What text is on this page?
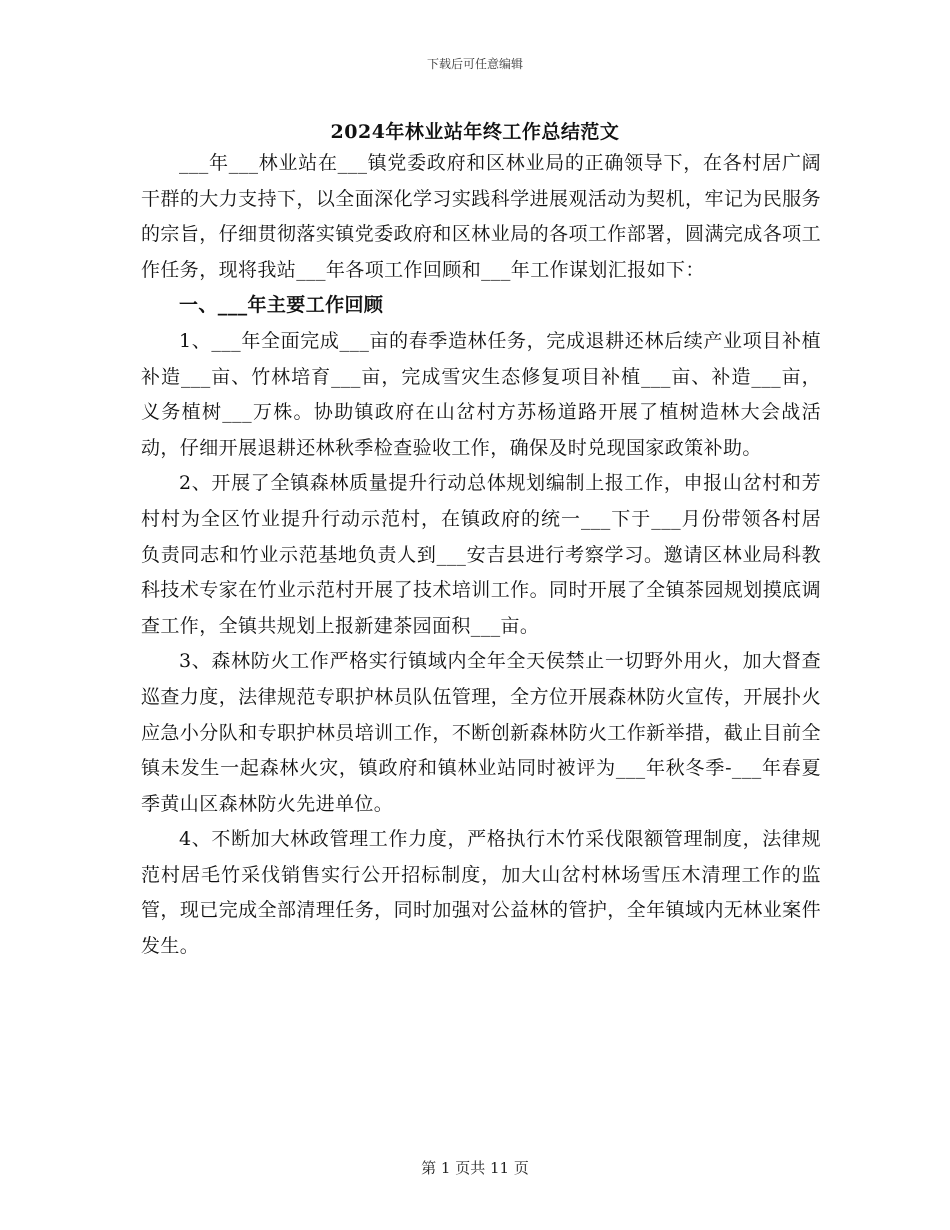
下载后可任意编辑
2024年林业站年终工作总结范文

___年___林业站在___镇党委政府和区林业局的正确领导下，在各村居广阔干群的大力支持下，以全面深化学习实践科学进展观活动为契机，牢记为民服务的宗旨，仔细贯彻落实镇党委政府和区林业局的各项工作部署，圆满完成各项工作任务，现将我站___年各项工作回顾和___年工作谋划汇报如下：

一、___年主要工作回顾

1、___年全面完成___亩的春季造林任务，完成退耕还林后续产业项目补植补造___亩、竹林培育___亩，完成雪灾生态修复项目补植___亩、补造___亩，义务植树___万株。协助镇政府在山岔村方苏杨道路开展了植树造林大会战活动，仔细开展退耕还林秋季检查验收工作，确保及时兑现国家政策补助。

2、开展了全镇森林质量提升行动总体规划编制上报工作，申报山岔村和芳村村为全区竹业提升行动示范村，在镇政府的统一___下于___月份带领各村居负责同志和竹业示范基地负责人到___安吉县进行考察学习。邀请区林业局科教科技术专家在竹业示范村开展了技术培训工作。同时开展了全镇茶园规划摸底调查工作，全镇共规划上报新建茶园面积___亩。

3、森林防火工作严格实行镇域内全年全天侯禁止一切野外用火，加大督查巡查力度，法律规范专职护林员队伍管理，全方位开展森林防火宣传，开展扑火应急小分队和专职护林员培训工作，不断创新森林防火工作新举措，截止目前全镇未发生一起森林火灾，镇政府和镇林业站同时被评为___年秋冬季-___年春夏季黄山区森林防火先进单位。

4、不断加大林政管理工作力度，严格执行木竹采伐限额管理制度，法律规范村居毛竹采伐销售实行公开招标制度，加大山岔村林场雪压木清理工作的监管，现已完成全部清理任务，同时加强对公益林的管护，全年镇域内无林业案件发生。

第 1 页共 11 页
